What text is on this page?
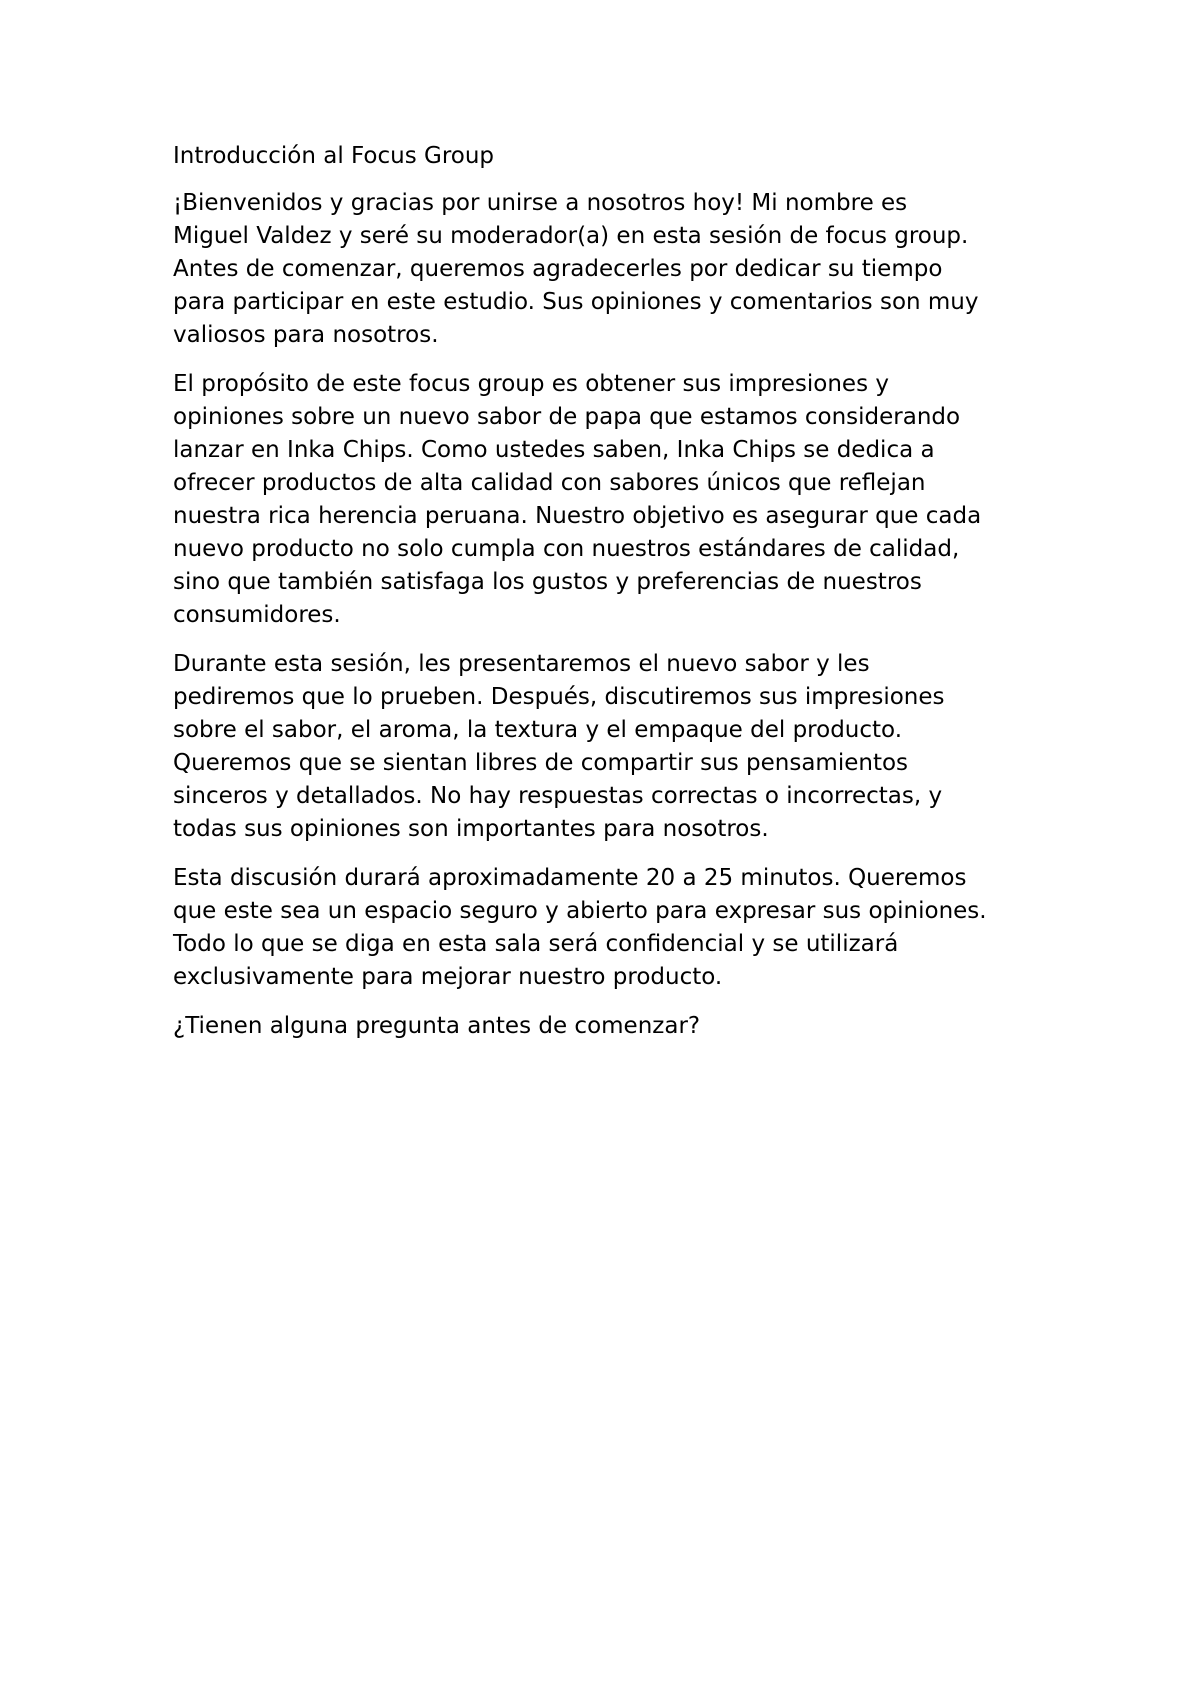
Introducción al Focus Group

¡Bienvenidos y gracias por unirse a nosotros hoy! Mi nombre es
Miguel Valdez y seré su moderador(a) en esta sesión de focus group.
Antes de comenzar, queremos agradecerles por dedicar su tiempo
para participar en este estudio. Sus opiniones y comentarios son muy
valiosos para nosotros.

El propósito de este focus group es obtener sus impresiones y
opiniones sobre un nuevo sabor de papa que estamos considerando
lanzar en Inka Chips. Como ustedes saben, Inka Chips se dedica a
ofrecer productos de alta calidad con sabores únicos que reflejan
nuestra rica herencia peruana. Nuestro objetivo es asegurar que cada
nuevo producto no solo cumpla con nuestros estándares de calidad,
sino que también satisfaga los gustos y preferencias de nuestros
consumidores.

Durante esta sesión, les presentaremos el nuevo sabor y les
pediremos que lo prueben. Después, discutiremos sus impresiones
sobre el sabor, el aroma, la textura y el empaque del producto.
Queremos que se sientan libres de compartir sus pensamientos
sinceros y detallados. No hay respuestas correctas o incorrectas, y
todas sus opiniones son importantes para nosotros.

Esta discusión durará aproximadamente 20 a 25 minutos. Queremos
que este sea un espacio seguro y abierto para expresar sus opiniones.
Todo lo que se diga en esta sala será confidencial y se utilizará
exclusivamente para mejorar nuestro producto.

¿Tienen alguna pregunta antes de comenzar?
